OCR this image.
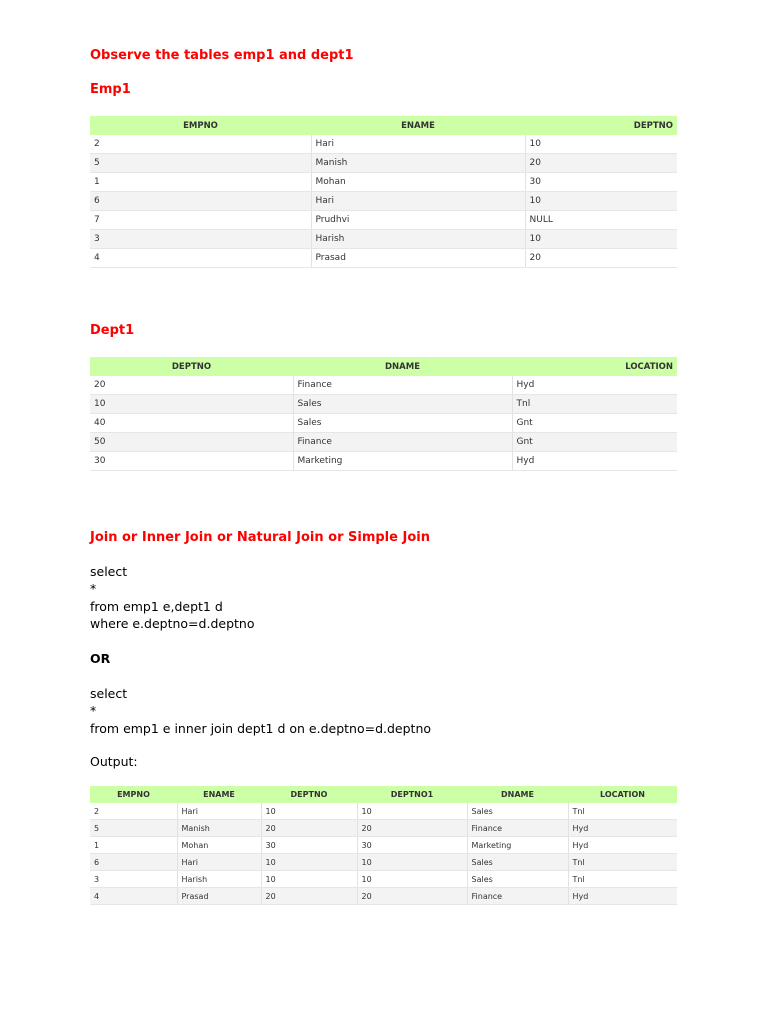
Observe the tables emp1 and dept1
Emp1
EMPNO	ENAME	DEPTNO
2	Hari	10
5	Manish	20
1	Mohan	30
6	Hari	10
7	Prudhvi	NULL
3	Harish	10
4	Prasad	20
Dept1
DEPTNO	DNAME	LOCATION
20	Finance	Hyd
10	Sales	Tnl
40	Sales	Gnt
50	Finance	Gnt
30	Marketing	Hyd
Join or Inner Join or Natural Join or Simple Join
select
*
from emp1 e,dept1 d
where e.deptno=d.deptno
OR
select
*
from emp1 e inner join dept1 d on e.deptno=d.deptno
Output:
EMPNO	ENAME	DEPTNO	DEPTNO1	DNAME	LOCATION
2	Hari	10	10	Sales	Tnl
5	Manish	20	20	Finance	Hyd
1	Mohan	30	30	Marketing	Hyd
6	Hari	10	10	Sales	Tnl
3	Harish	10	10	Sales	Tnl
4	Prasad	20	20	Finance	Hyd
